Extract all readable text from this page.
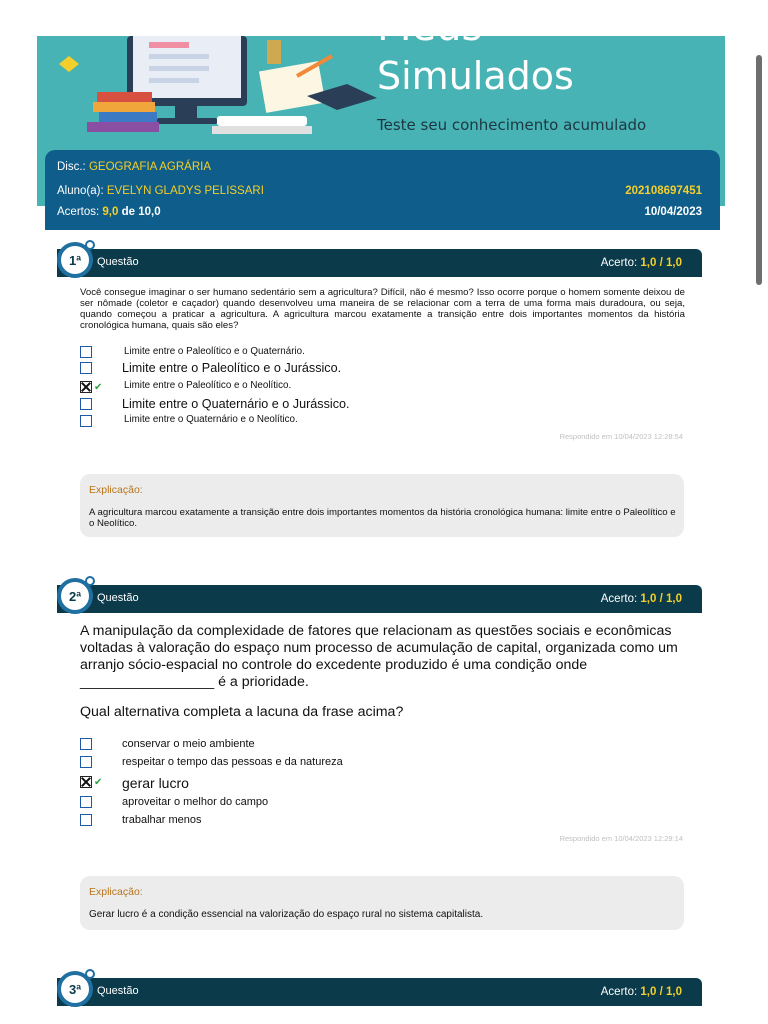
Meus
Simulados
Teste seu conhecimento acumulado
Disc.: GEOGRAFIA AGRÁRIA
Aluno(a): EVELYN GLADYS PELISSARI	202108697451
Acertos: 9,0 de 10,0	10/04/2023
Questão	Acerto: 1,0 / 1,0
1ª
Você consegue imaginar o ser humano sedentário sem a agricultura? Difícil, não é mesmo? Isso ocorre porque o homem somente deixou de ser nômade (coletor e caçador) quando desenvolveu uma maneira de se relacionar com a terra de uma forma mais duradoura, ou seja, quando começou a praticar a agricultura. A agricultura marcou exatamente a transição entre dois importantes momentos da história cronológica humana, quais são eles?
Limite entre o Paleolítico e o Quaternário.
Limite entre o Paleolítico e o Jurássico.
✔	Limite entre o Paleolítico e o Neolítico.
Limite entre o Quaternário e o Jurássico.
Limite entre o Quaternário e o Neolítico.
Respondido em 10/04/2023 12:28:54
Explicação:
A agricultura marcou exatamente a transição entre dois importantes momentos da história cronológica humana: limite entre o Paleolítico e o Neolítico.
Questão	Acerto: 1,0 / 1,0
2ª
A manipulação da complexidade de fatores que relacionam as questões sociais e econômicas voltadas à valoração do espaço num processo de acumulação de capital, organizada como um arranjo sócio-espacial no controle do excedente produzido é uma condição onde _________________ é a prioridade.
Qual alternativa completa a lacuna da frase acima?
conservar o meio ambiente
respeitar o tempo das pessoas e da natureza
✔ gerar lucro
aproveitar o melhor do campo
trabalhar menos
Respondido em 10/04/2023 12:29:14
Explicação:
Gerar lucro é a condição essencial na valorização do espaço rural no sistema capitalista.
Questão	Acerto: 1,0 / 1,0
3ª
